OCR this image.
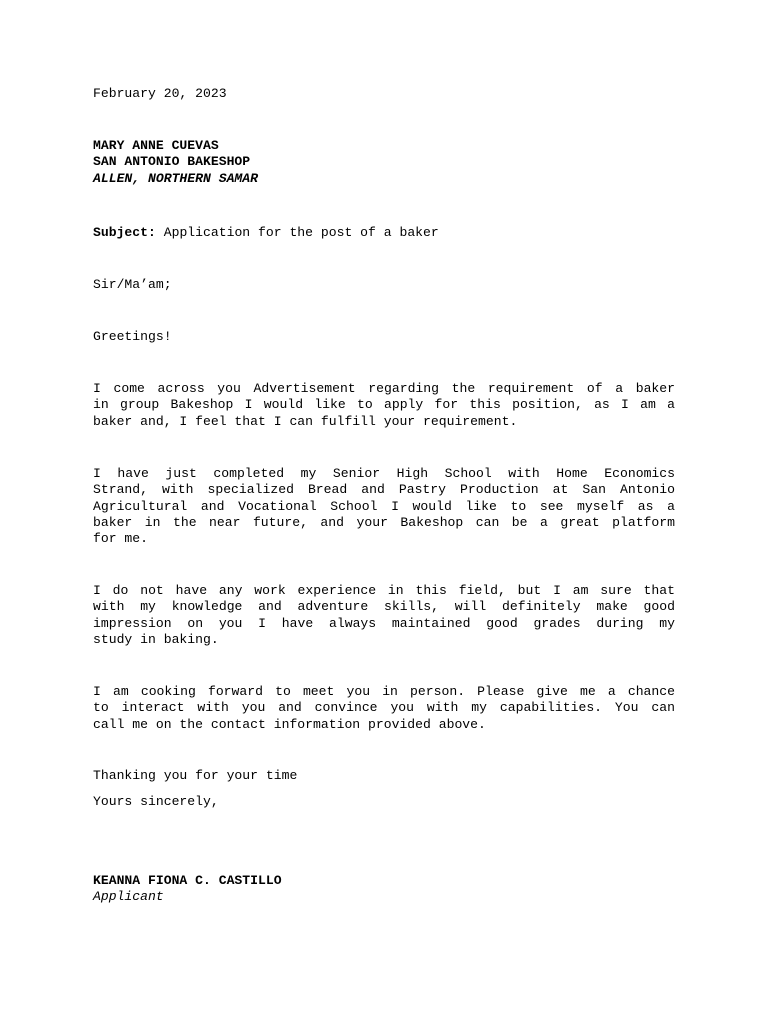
February 20, 2023
MARY ANNE CUEVAS
SAN ANTONIO BAKESHOP
ALLEN, NORTHERN SAMAR
Subject: Application for the post of a baker
Sir/Ma’am;
Greetings!
I come across you Advertisement regarding the requirement of a baker
in group Bakeshop I would like to apply for this position, as I am a
baker and, I feel that I can fulfill your requirement.
I have just completed my Senior High School with Home Economics
Strand, with specialized Bread and Pastry Production at San Antonio
Agricultural and Vocational School I would like to see myself as a
baker in the near future, and your Bakeshop can be a great platform
for me.
I do not have any work experience in this field, but I am sure that
with my knowledge and adventure skills, will definitely make good
impression on you I have always maintained good grades during my
study in baking.
I am cooking forward to meet you in person. Please give me a chance
to interact with you and convince you with my capabilities. You can
call me on the contact information provided above.
Thanking you for your time
Yours sincerely,
KEANNA FIONA C. CASTILLO
Applicant
